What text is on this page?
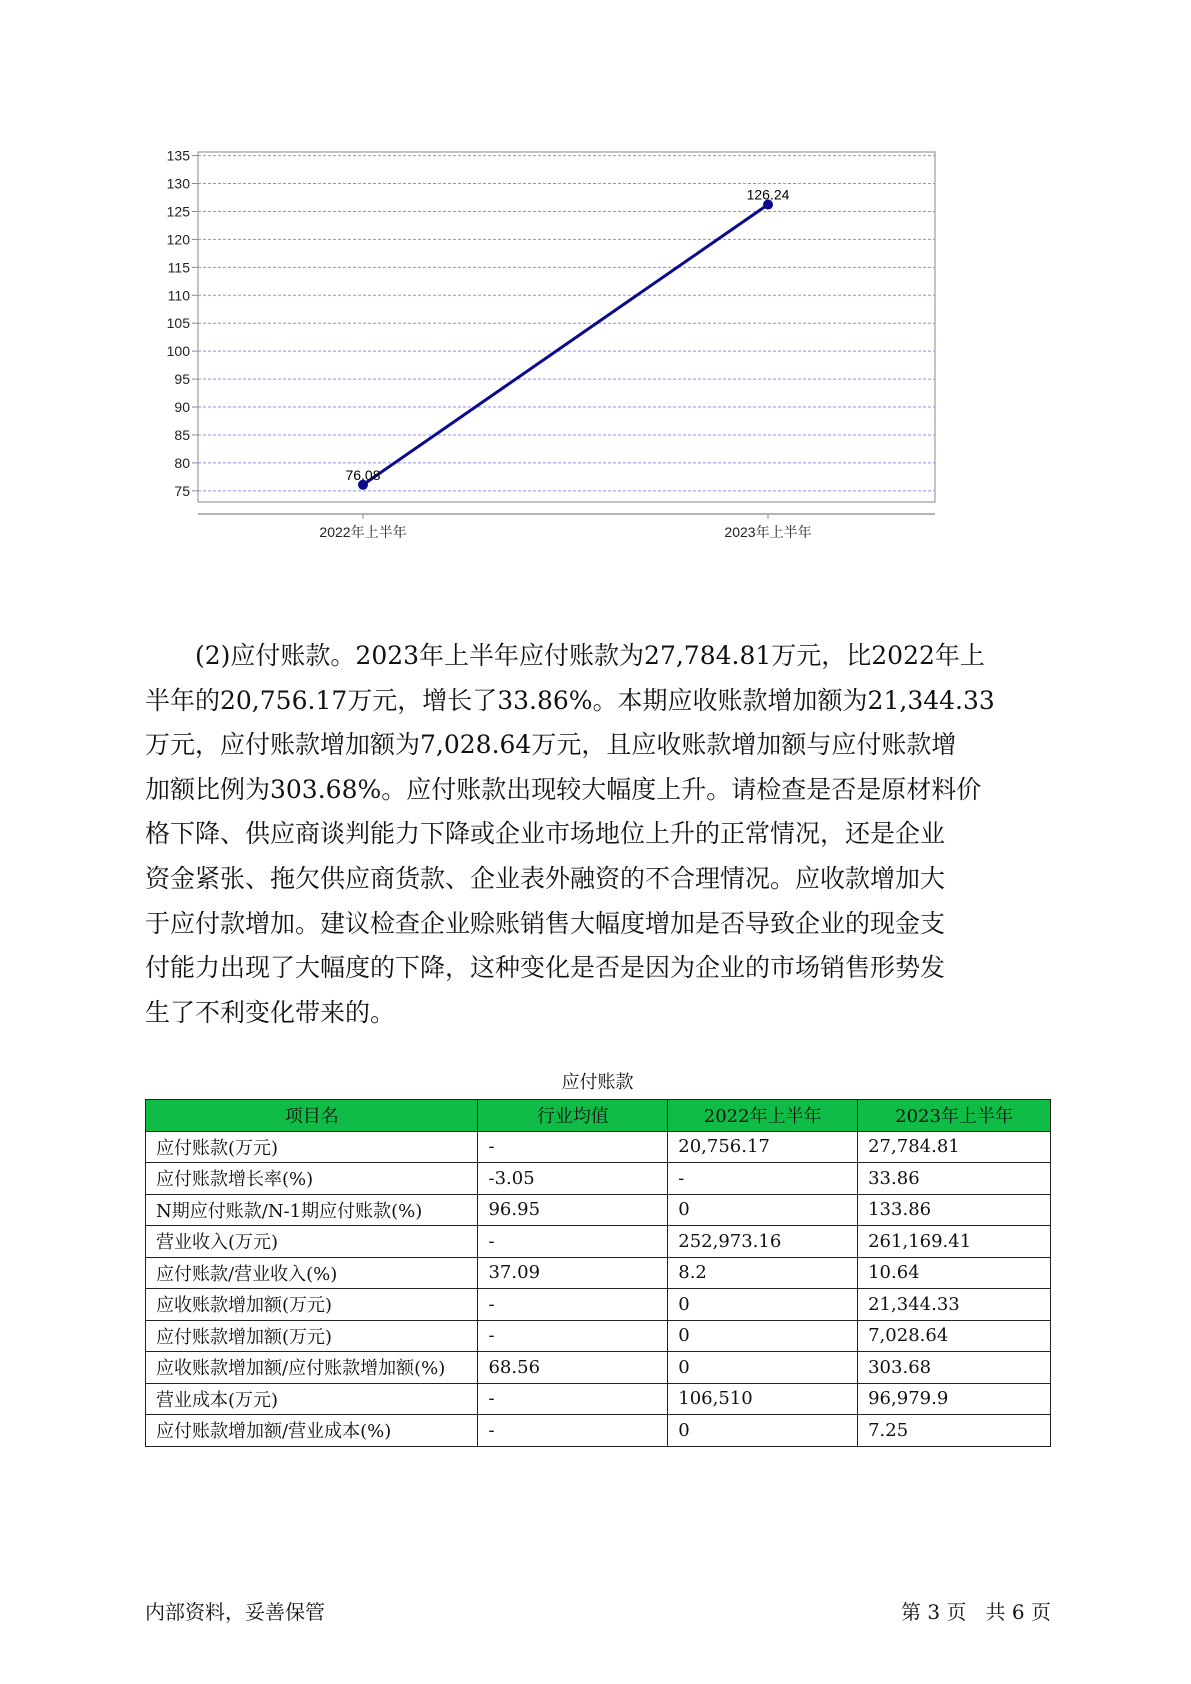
135
130
125
120
115
110
105
100
95
90
85
80
75
2022年上半年	2023年上半年
76.08
126.24

(2)应付账款。2023年上半年应付账款为27,784.81万元，比2022年上
半年的20,756.17万元，增长了33.86%。本期应收账款增加额为21,344.33
万元，应付账款增加额为7,028.64万元，且应收账款增加额与应付账款增
加额比例为303.68%。应付账款出现较大幅度上升。请检查是否是原材料价
格下降、供应商谈判能力下降或企业市场地位上升的正常情况，还是企业
资金紧张、拖欠供应商货款、企业表外融资的不合理情况。应收款增加大
于应付款增加。建议检查企业赊账销售大幅度增加是否导致企业的现金支
付能力出现了大幅度的下降，这种变化是否是因为企业的市场销售形势发
生了不利变化带来的。

应付账款
项目名	行业均值	2022年上半年	2023年上半年
应付账款(万元)	-	20,756.17	27,784.81
应付账款增长率(%)	-3.05	-	33.86
N期应付账款/N-1期应付账款(%)	96.95	0	133.86
营业收入(万元)	-	252,973.16	261,169.41
应付账款/营业收入(%)	37.09	8.2	10.64
应收账款增加额(万元)	-	0	21,344.33
应付账款增加额(万元)	-	0	7,028.64
应收账款增加额/应付账款增加额(%)	68.56	0	303.68
营业成本(万元)	-	106,510	96,979.9
应付账款增加额/营业成本(%)	-	0	7.25
内部资料，妥善保管	第 3 页   共 6 页
